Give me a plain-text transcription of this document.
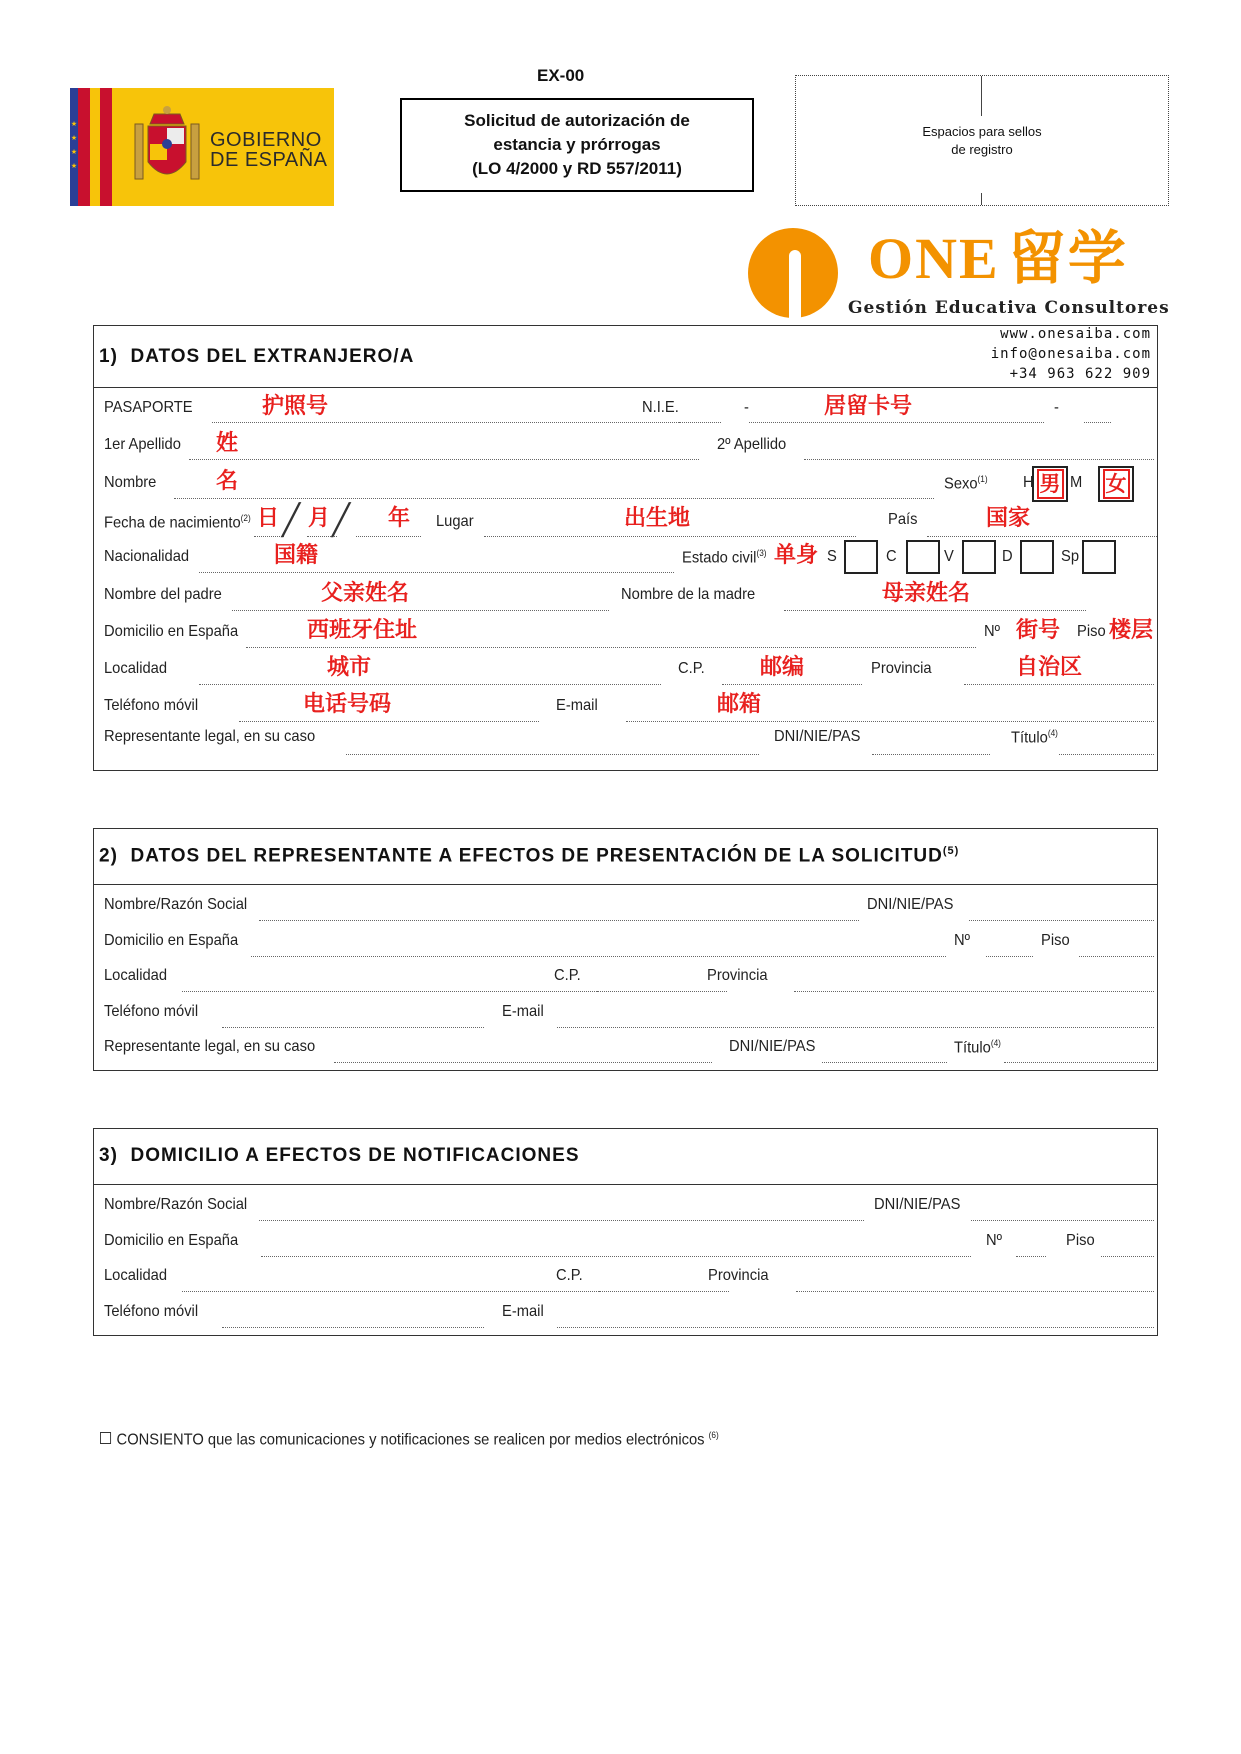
★
★
★
★
GOBIERNO
DE ESPAÑA
EX-00
Solicitud de autorización de
estancia y prórrogas
(LO 4/2000 y RD 557/2011)
Espacios para sellos
de registro
ONE 留学
Gestión Educativa Consultores
www.onesaiba.com
info@onesaiba.com
+34 963 622 909
1) DATOS DEL EXTRANJERO/A
PASAPORTE	护照号	N.I.E.	-	居留卡号	-
1er Apellido 姓	2º Apellido
Nombre	名	Sexo$^{(1)}$ H 男 M 女
Fecha de nacimiento$^{(2)}$ 日 ╱ 月 ╱ 年 Lugar	出生地	País	国家
Nacionalidad	国籍	Estado civil$^{(3)}$ 单身 S	C	V	D	Sp
Nombre del padre	父亲姓名	Nombre de la madre	母亲姓名
Domicilio en España	西班牙住址	Nº 街号 Piso 楼层
Localidad	城市	C.P.	邮编	Provincia	自治区
Teléfono móvil	电话号码	E-mail	邮箱
Representante legal, en su caso	DNI/NIE/PAS	Título$^{(4)}$
2) DATOS DEL REPRESENTANTE A EFECTOS DE PRESENTACIÓN DE LA SOLICITUD$^{(5)}$
Nombre/Razón Social	DNI/NIE/PAS
Domicilio en España	Nº	Piso
Localidad	C.P.	Provincia
Teléfono móvil	E-mail
Representante legal, en su caso	DNI/NIE/PAS	Título$^{(4)}$
3) DOMICILIO A EFECTOS DE NOTIFICACIONES
Nombre/Razón Social	DNI/NIE/PAS
Domicilio en España	Nº	Piso
Localidad	C.P.	Provincia
Teléfono móvil	E-mail
CONSIENTO que las comunicaciones y notificaciones se realicen por medios electrónicos $^{(6)}$
